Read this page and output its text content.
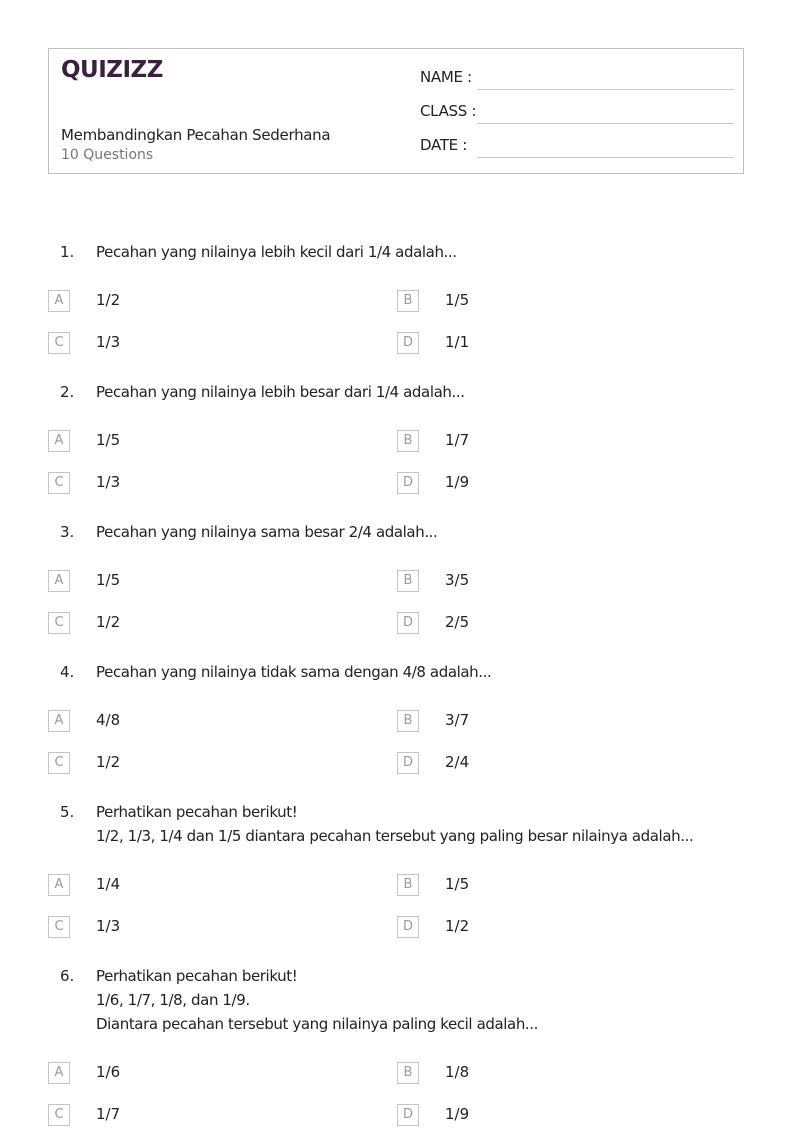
QUIZIZZ
Membandingkan Pecahan Sederhana
10 Questions
NAME :
CLASS :
DATE :
1. Pecahan yang nilainya lebih kecil dari 1/4 adalah...
A	1/2	B	1/5
C	1/3	D	1/1
2. Pecahan yang nilainya lebih besar dari 1/4 adalah...
A	1/5	B	1/7
C	1/3	D	1/9
3. Pecahan yang nilainya sama besar 2/4 adalah...
A	1/5	B	3/5
C	1/2	D	2/5
4. Pecahan yang nilainya tidak sama dengan 4/8 adalah...
A	4/8	B	3/7
C	1/2	D	2/4
5. Perhatikan pecahan berikut!
1/2, 1/3, 1/4 dan 1/5 diantara pecahan tersebut yang paling besar nilainya adalah...
A	1/4	B	1/5
C	1/3	D	1/2
6. Perhatikan pecahan berikut!
1/6, 1/7, 1/8, dan 1/9.
Diantara pecahan tersebut yang nilainya paling kecil adalah...
A	1/6	B	1/8
C	1/7	D	1/9
